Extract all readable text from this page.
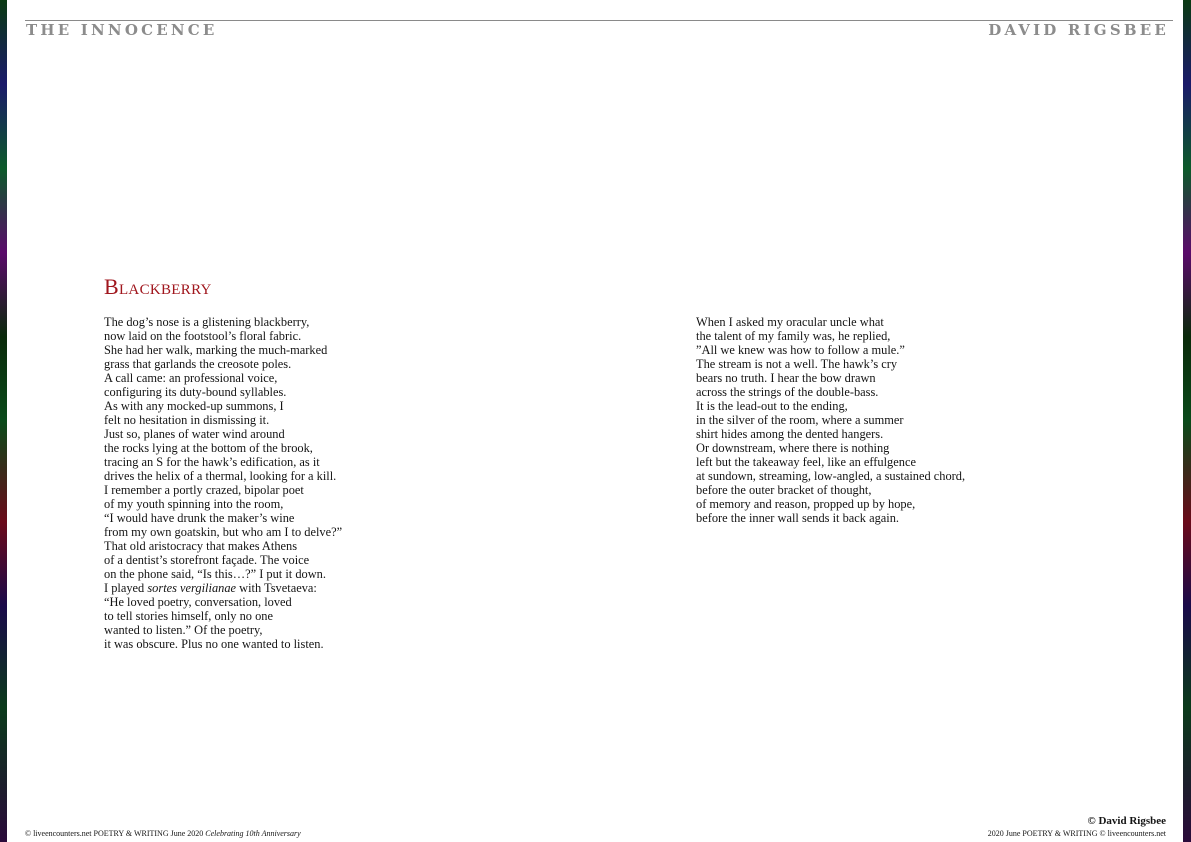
THE INNOCENCE	DAVID RIGSBEE
Blackberry
The dog’s nose is a glistening blackberry,
now laid on the footstool’s floral fabric.
She had her walk, marking the much-marked
grass that garlands the creosote poles.
A call came: an professional voice,
configuring its duty-bound syllables.
As with any mocked-up summons, I
felt no hesitation in dismissing it.
Just so, planes of water wind around
the rocks lying at the bottom of the brook,
tracing an S for the hawk’s edification, as it
drives the helix of a thermal, looking for a kill.
I remember a portly crazed, bipolar poet
of my youth spinning into the room,
“I would have drunk the maker’s wine
from my own goatskin, but who am I to delve?”
That old aristocracy that makes Athens
of a dentist’s storefront façade. The voice
on the phone said, “Is this…?” I put it down.
I played sortes vergilianae with Tsvetaeva:
“He loved poetry, conversation, loved
to tell stories himself, only no one
wanted to listen.” Of the poetry,
it was obscure. Plus no one wanted to listen.
When I asked my oracular uncle what
the talent of my family was, he replied,
”All we knew was how to follow a mule.”
The stream is not a well. The hawk’s cry
bears no truth. I hear the bow drawn
across the strings of the double-bass.
It is the lead-out to the ending,
in the silver of the room, where a summer
shirt hides among the dented hangers.
Or downstream, where there is nothing
left but the takeaway feel, like an effulgence
at sundown, streaming, low-angled, a sustained chord,
before the outer bracket of thought,
of memory and reason, propped up by hope,
before the inner wall sends it back again.
© liveencounters.net POETRY & WRITING June 2020 Celebrating 10th Anniversary
© David Rigsbee
2020 June POETRY & WRITING © liveencounters.net
